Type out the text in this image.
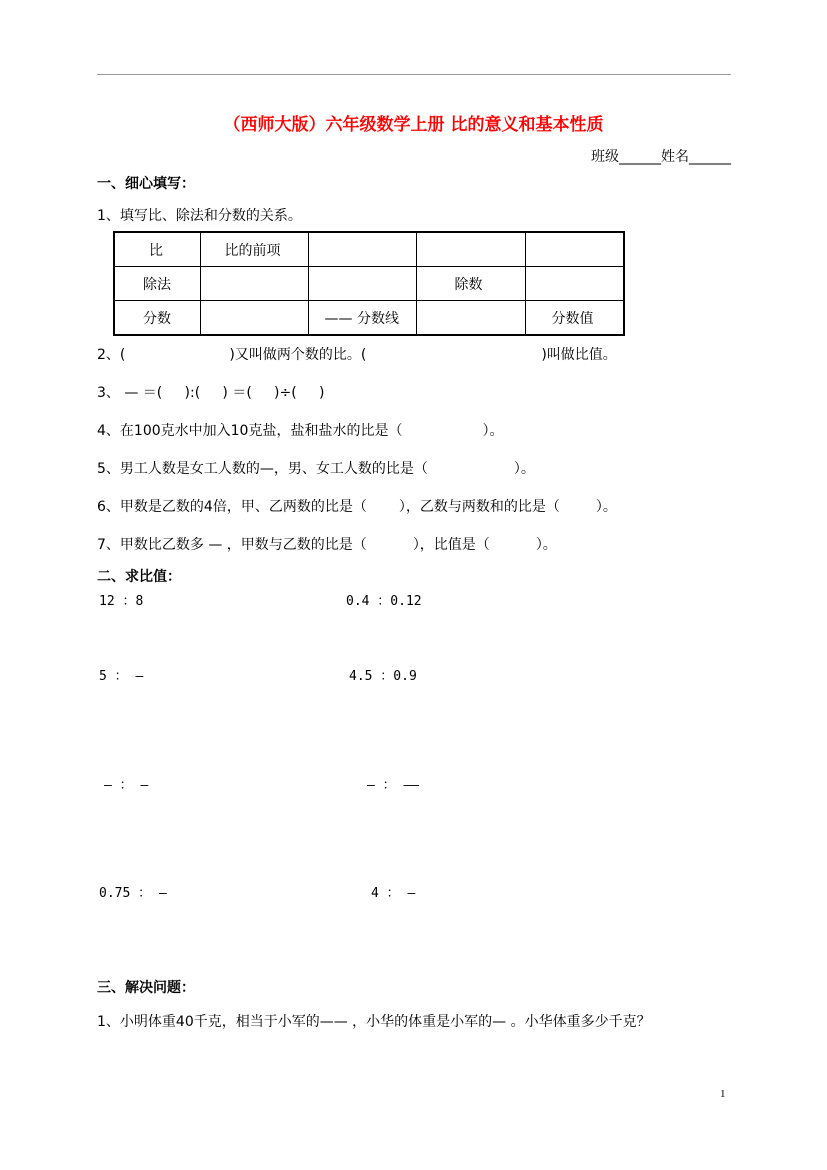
（西师大版）六年级数学上册 比的意义和基本性质
班级______姓名______
一、细心填写：
1、填写比、除法和分数的关系。
比	比的前项			
除法			除数	
分数		—— 分数线		分数值
2、(	)又叫做两个数的比。(	)叫做比值。
3、 — ＝(     ):(     ) ＝(     )÷(     )
4、在100克水中加入10克盐，盐和盐水的比是（	）。
5、男工人数是女工人数的—，男、女工人数的比是（	）。
6、甲数是乙数的4倍，甲、乙两数的比是（ ），乙数与两数和的比是（	）。
7、甲数比乙数多 — ，甲数与乙数的比是（	），比值是（	）。
二、求比值：
12 ：8	0.4 ：0.12
5 ： —	4.5 ：0.9
— ： —	— ： ——
0.75 ： —	4 ： —
三、解决问题：
1、小明体重40千克，相当于小军的—— ，小华的体重是小军的— 。小华体重多少千克？
1
